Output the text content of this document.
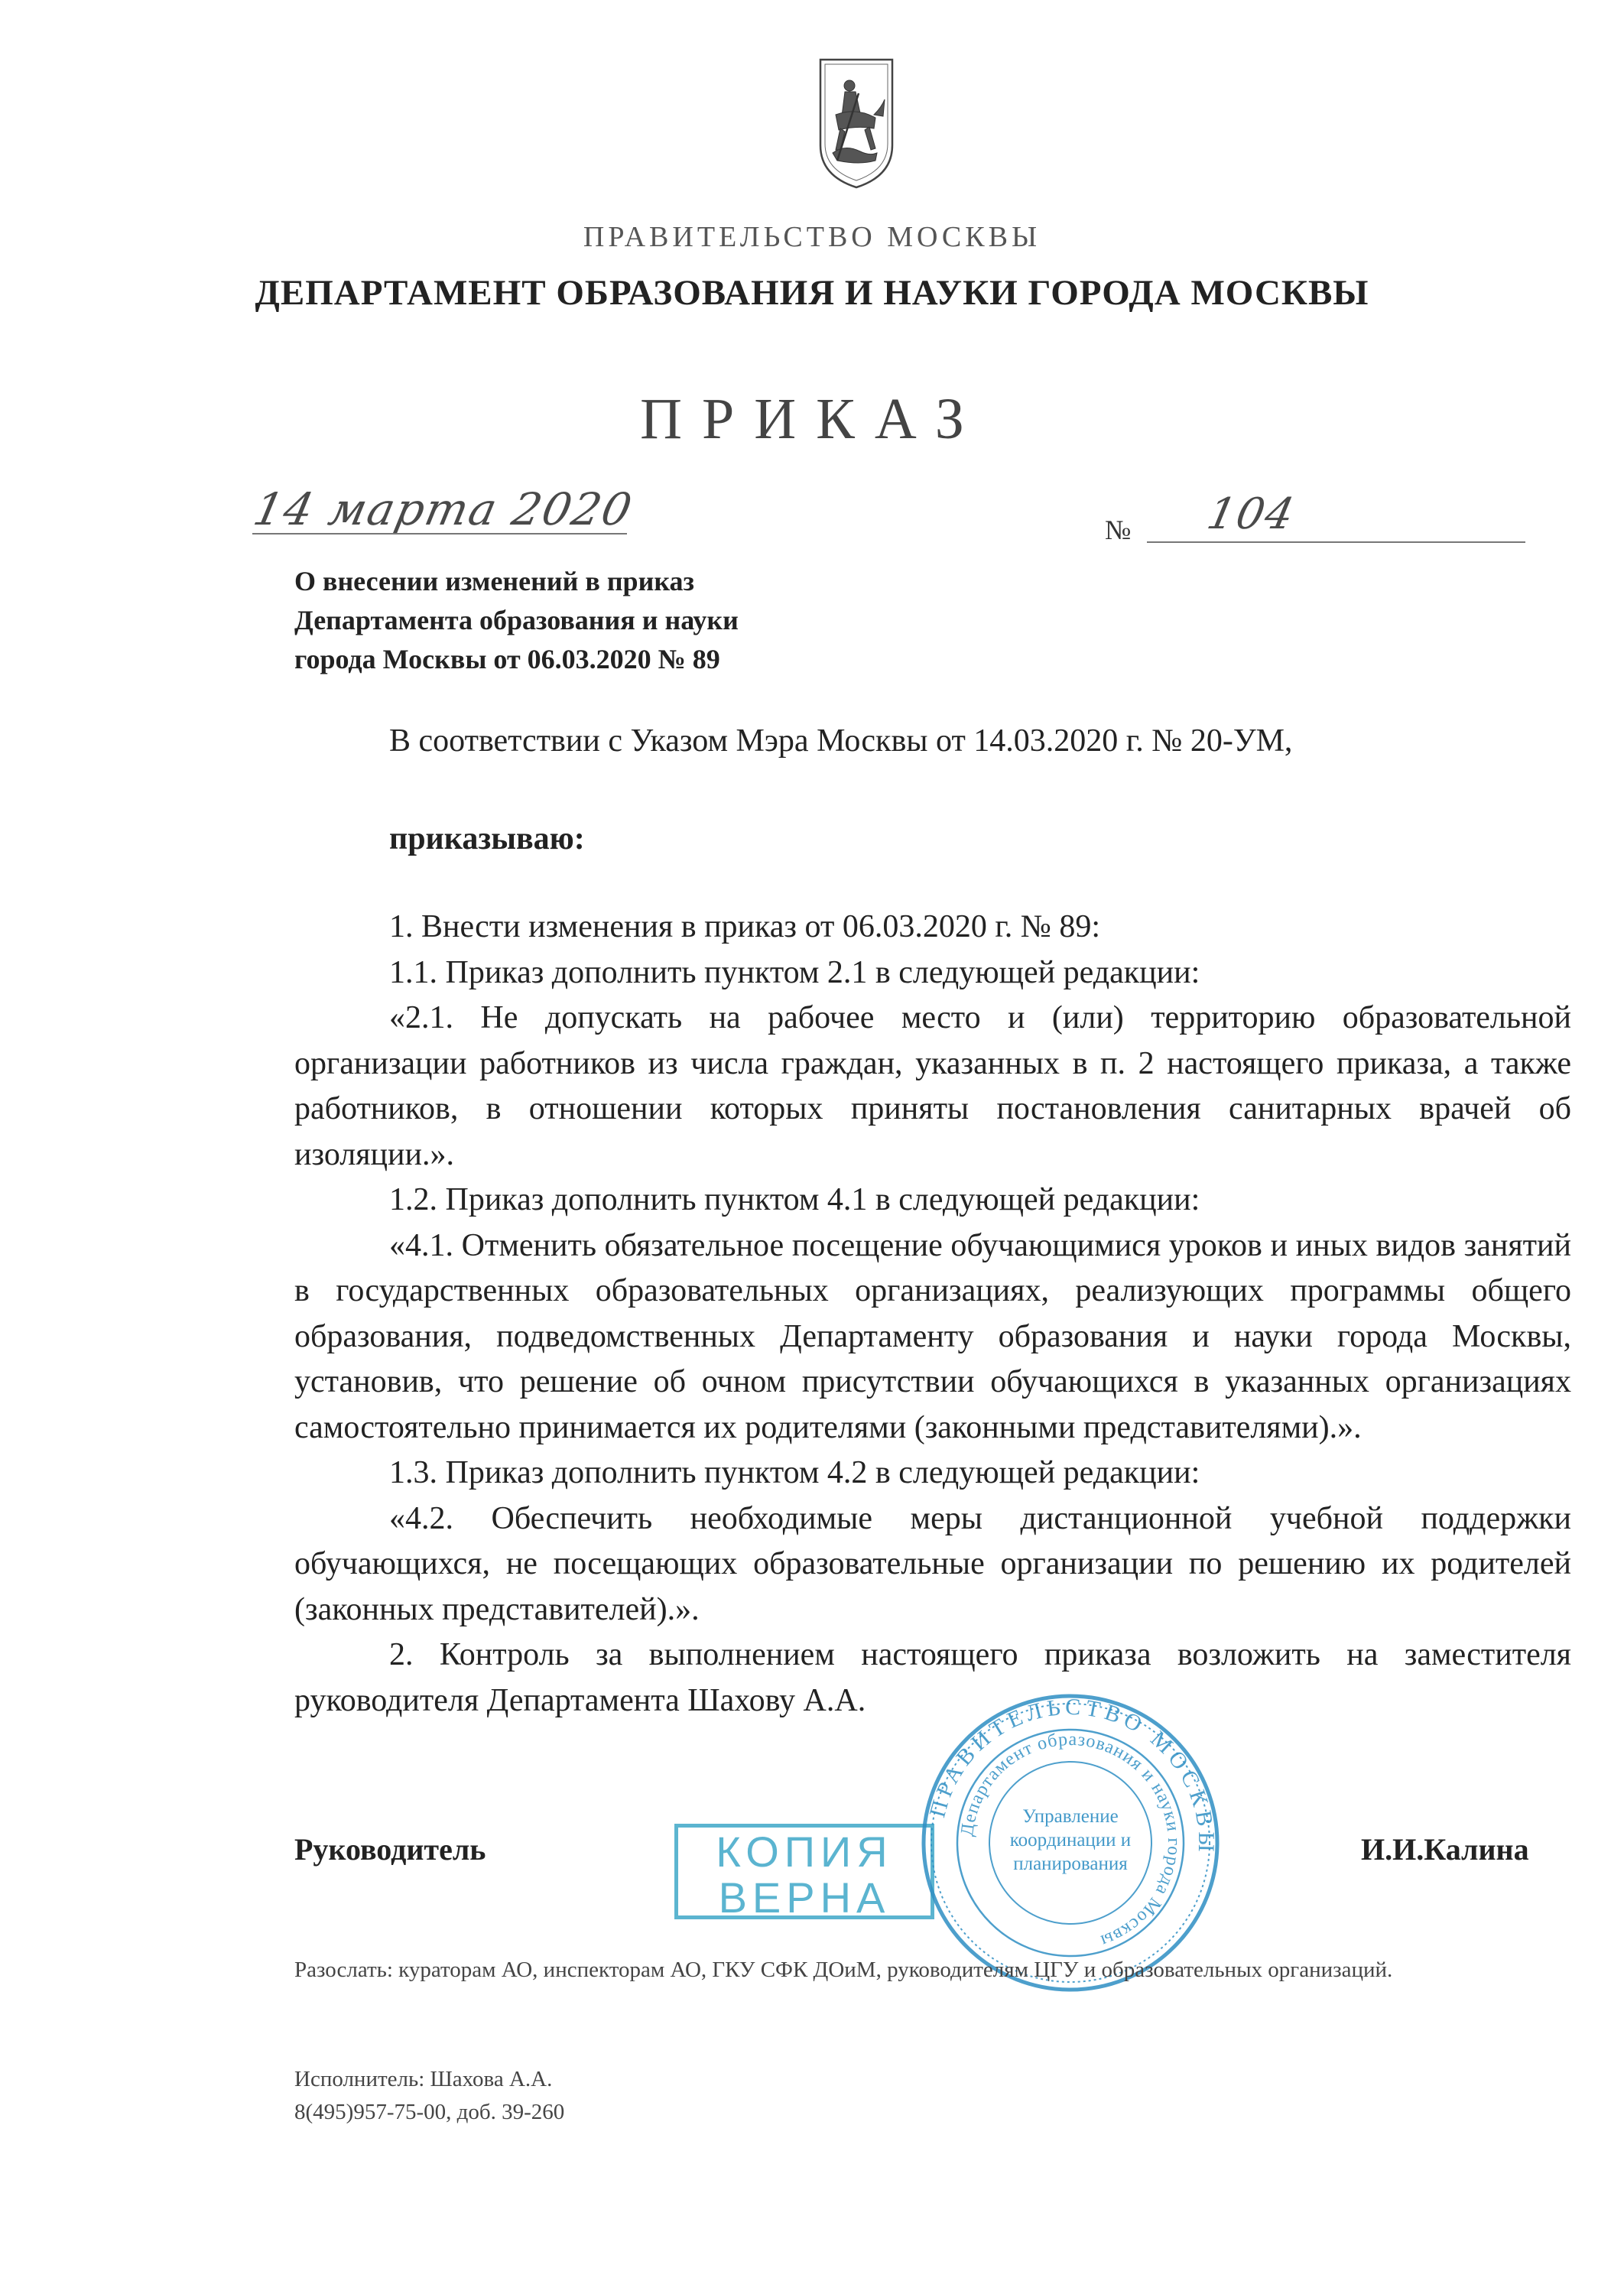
ПРАВИТЕЛЬСТВО МОСКВЫ
ДЕПАРТАМЕНТ ОБРАЗОВАНИЯ И НАУКИ ГОРОДА МОСКВЫ
ПРИКАЗ
14 марта 2020	№ 104
О внесении изменений в приказ
Департамента образования и науки
города Москвы от 06.03.2020 № 89
В соответствии с Указом Мэра Москвы от 14.03.2020 г. № 20-УМ,
приказываю:

1. Внести изменения в приказ от 06.03.2020 г. № 89:

1.1. Приказ дополнить пунктом 2.1 в следующей редакции:

«2.1. Не допускать на рабочее место и (или) территорию образовательной организации работников из числа граждан, указанных в п. 2 настоящего приказа, а также работников, в отношении которых приняты постановления санитарных врачей об изоляции.».

1.2. Приказ дополнить пунктом 4.1 в следующей редакции:

«4.1. Отменить обязательное посещение обучающимися уроков и иных видов занятий в государственных образовательных организациях, реализующих программы общего образования, подведомственных Департаменту образования и науки города Москвы, установив, что решение об очном присутствии обучающихся в указанных организациях самостоятельно принимается их родителями (законными представителями).».

1.3. Приказ дополнить пунктом 4.2 в следующей редакции:

«4.2. Обеспечить необходимые меры дистанционной учебной поддержки обучающихся, не посещающих образовательные организации по решению их родителей (законных представителей).».

2. Контроль за выполнением настоящего приказа возложить на заместителя руководителя Департамента Шахову А.А.

Руководитель	И.И.Калина
КОПИЯ
ВЕРНА
ПРАВИТЕЛЬСТВО МОСКВЫ
Департамент образования и науки города Москвы
Управление координации и планирования
Разослать: кураторам АО, инспекторам АО, ГКУ СФК ДОиМ, руководителям ЦГУ и образовательных организаций.
Исполнитель: Шахова А.А.
8(495)957-75-00, доб. 39-260
